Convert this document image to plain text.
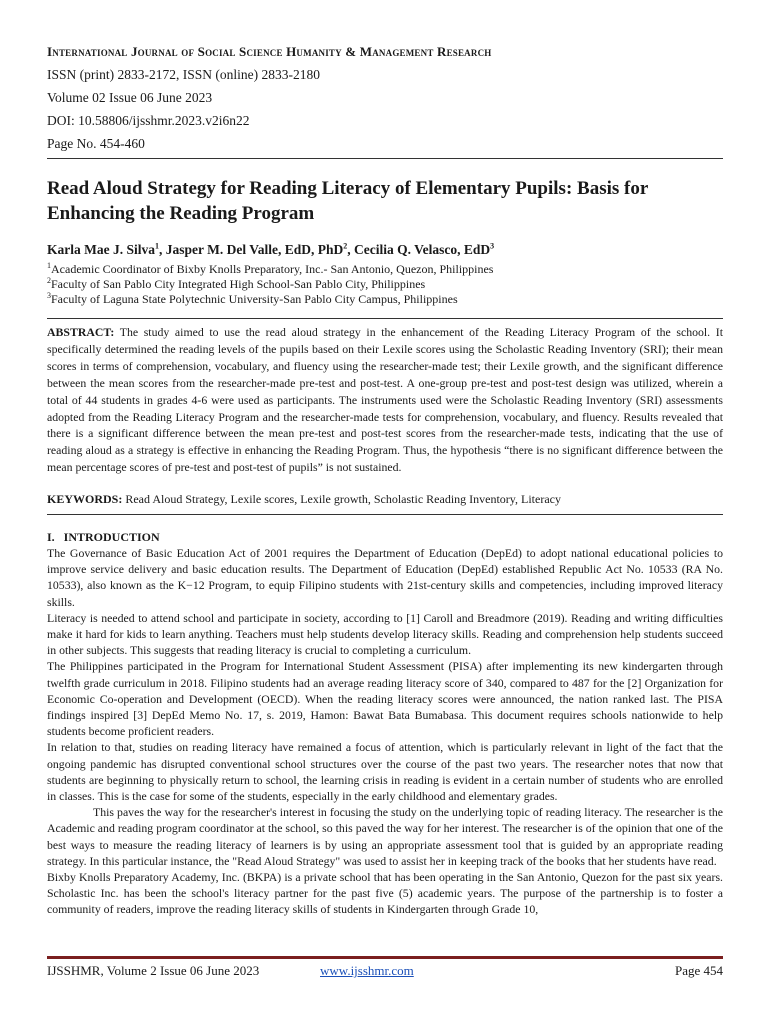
International Journal of Social Science Humanity & Management Research
ISSN (print) 2833-2172, ISSN (online) 2833-2180
Volume 02 Issue 06 June 2023
DOI: 10.58806/ijsshmr.2023.v2i6n22
Page No. 454-460
Read Aloud Strategy for Reading Literacy of Elementary Pupils: Basis for Enhancing the Reading Program
Karla Mae J. Silva$^1$, Jasper M. Del Valle, EdD, PhD$^2$, Cecilia Q. Velasco, EdD$^3$
$^1$Academic Coordinator of Bixby Knolls Preparatory, Inc.- San Antonio, Quezon, Philippines
$^2$Faculty of San Pablo City Integrated High School-San Pablo City, Philippines
$^3$Faculty of Laguna State Polytechnic University-San Pablo City Campus, Philippines
ABSTRACT: The study aimed to use the read aloud strategy in the enhancement of the Reading Literacy Program of the school. It specifically determined the reading levels of the pupils based on their Lexile scores using the Scholastic Reading Inventory (SRI); their mean scores in terms of comprehension, vocabulary, and fluency using the researcher-made test; their Lexile growth, and the significant difference between the mean scores from the researcher-made pre-test and post-test. A one-group pre-test and post-test design was utilized, wherein a total of 44 students in grades 4-6 were used as participants. The instruments used were the Scholastic Reading Inventory (SRI) assessments adopted from the Reading Literacy Program and the researcher-made tests for comprehension, vocabulary, and fluency. Results revealed that there is a significant difference between the mean pre-test and post-test scores from the researcher-made tests, indicating that the use of reading aloud as a strategy is effective in enhancing the Reading Program. Thus, the hypothesis “there is no significant difference between the mean percentage scores of pre-test and post-test of pupils” is not sustained.
KEYWORDS: Read Aloud Strategy, Lexile scores, Lexile growth, Scholastic Reading Inventory, Literacy
I.   INTRODUCTION

The Governance of Basic Education Act of 2001 requires the Department of Education (DepEd) to adopt national educational policies to improve service delivery and basic education results. The Department of Education (DepEd) established Republic Act No. 10533 (RA No. 10533), also known as the K−12 Program, to equip Filipino students with 21st-century skills and competencies, including improved literacy skills.

Literacy is needed to attend school and participate in society, according to [1] Caroll and Breadmore (2019). Reading and writing difficulties make it hard for kids to learn anything. Teachers must help students develop literacy skills. Reading and comprehension help students succeed in other subjects. This suggests that reading literacy is crucial to completing a curriculum.

The Philippines participated in the Program for International Student Assessment (PISA) after implementing its new kindergarten through twelfth grade curriculum in 2018. Filipino students had an average reading literacy score of 340, compared to 487 for the [2] Organization for Economic Co-operation and Development (OECD). When the reading literacy scores were announced, the nation ranked last. The PISA findings inspired [3] DepEd Memo No. 17, s. 2019, Hamon: Bawat Bata Bumabasa. This document requires schools nationwide to help students become proficient readers.

In relation to that, studies on reading literacy have remained a focus of attention, which is particularly relevant in light of the fact that the ongoing pandemic has disrupted conventional school structures over the course of the past two years. The researcher notes that now that students are beginning to physically return to school, the learning crisis in reading is evident in a certain number of students who are enrolled in classes. This is the case for some of the students, especially in the early childhood and elementary grades.

This paves the way for the researcher's interest in focusing the study on the underlying topic of reading literacy. The researcher is the Academic and reading program coordinator at the school, so this paved the way for her interest. The researcher is of the opinion that one of the best ways to measure the reading literacy of learners is by using an appropriate assessment tool that is guided by an appropriate reading strategy. In this particular instance, the "Read Aloud Strategy" was used to assist her in keeping track of the books that her students have read.

Bixby Knolls Preparatory Academy, Inc. (BKPA) is a private school that has been operating in the San Antonio, Quezon for the past six years. Scholastic Inc. has been the school's literacy partner for the past five (5) academic years. The purpose of the partnership is to foster a community of readers, improve the reading literacy skills of students in Kindergarten through Grade 10,

IJSSHMR, Volume 2 Issue 06 June 2023	www.ijsshmr.com	Page 454
